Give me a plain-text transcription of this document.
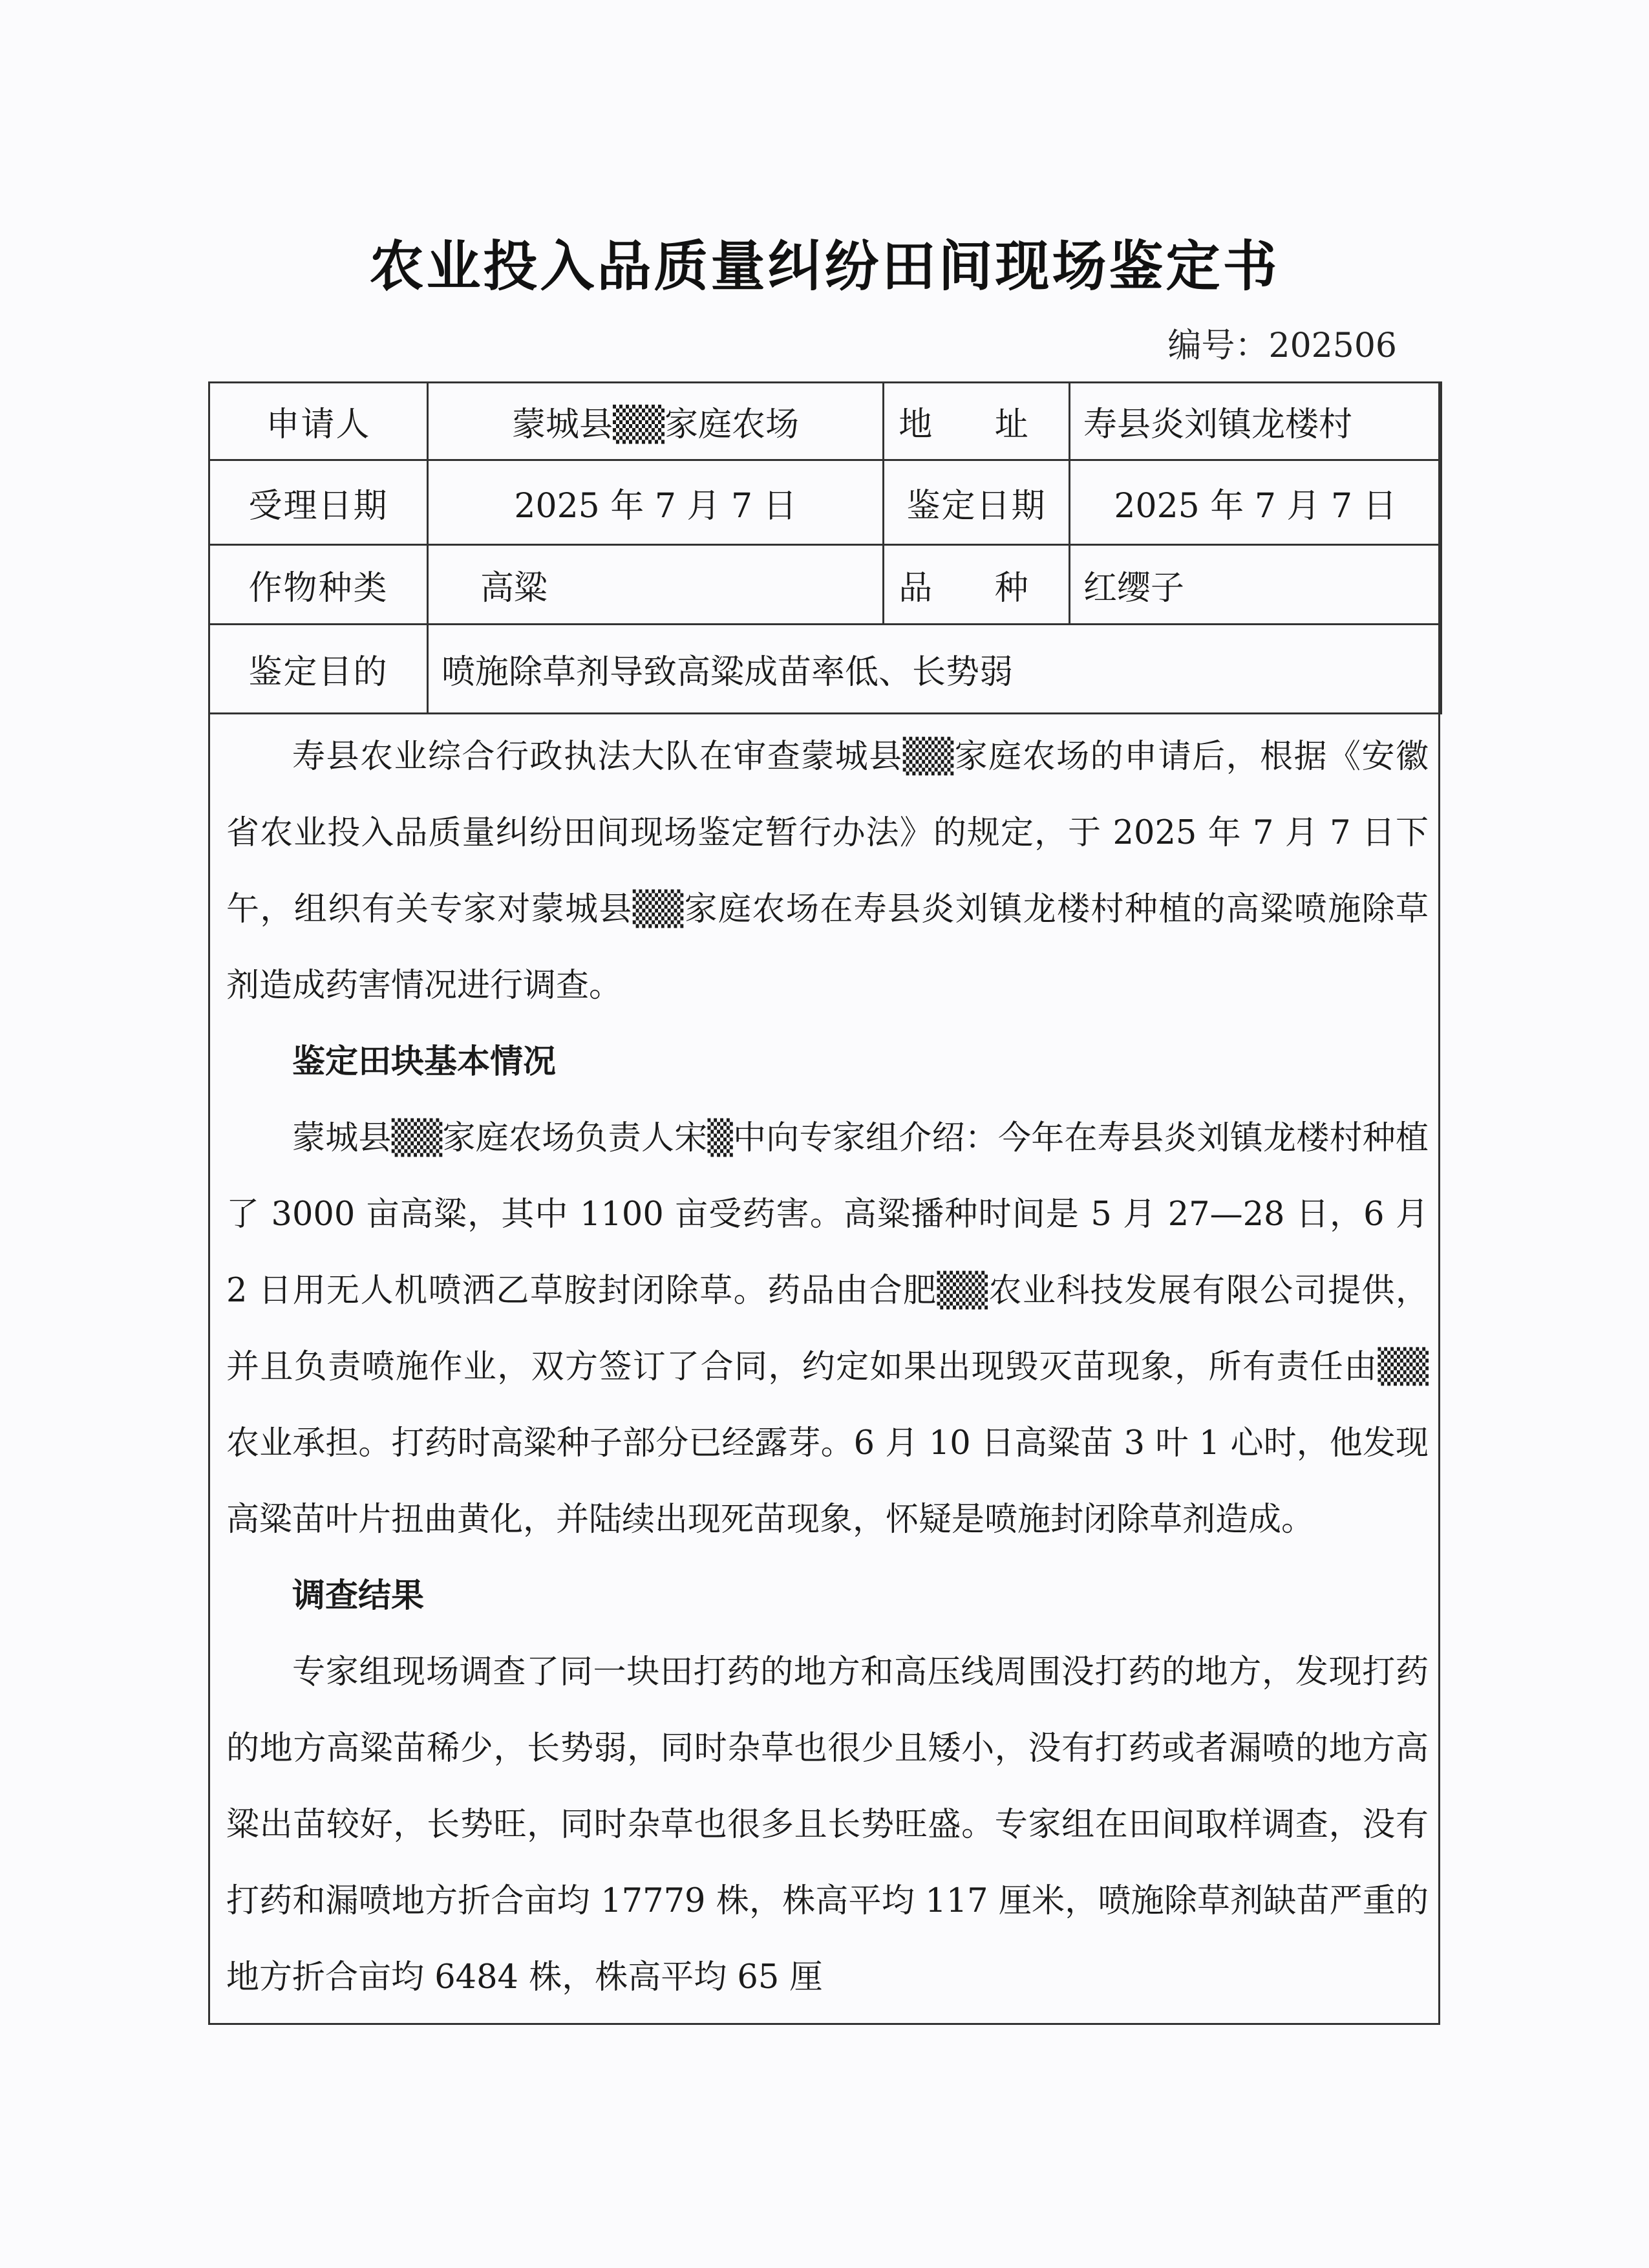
农业投入品质量纠纷田间现场鉴定书
编号：202506
申请人	蒙城县▒▒家庭农场	地 址	寿县炎刘镇龙楼村
受理日期	2025 年 7 月 7 日	鉴定日期	2025 年 7 月 7 日
作物种类	高粱	品 种	红缨子
鉴定目的	喷施除草剂导致高粱成苗率低、长势弱		

寿县农业综合行政执法大队在审查蒙城县▒▒家庭农场的申请后，根据《安徽省农业投入品质量纠纷田间现场鉴定暂行办法》的规定，于 2025 年 7 月 7 日下午，组织有关专家对蒙城县▒▒家庭农场在寿县炎刘镇龙楼村种植的高粱喷施除草剂造成药害情况进行调查。

鉴定田块基本情况

蒙城县▒▒家庭农场负责人宋▒中向专家组介绍：今年在寿县炎刘镇龙楼村种植了 3000 亩高粱，其中 1100 亩受药害。高粱播种时间是 5 月 27—28 日，6 月 2 日用无人机喷洒乙草胺封闭除草。药品由合肥▒▒农业科技发展有限公司提供，并且负责喷施作业，双方签订了合同，约定如果出现毁灭苗现象，所有责任由▒▒农业承担。打药时高粱种子部分已经露芽。6 月 10 日高粱苗 3 叶 1 心时，他发现高粱苗叶片扭曲黄化，并陆续出现死苗现象，怀疑是喷施封闭除草剂造成。

调查结果

专家组现场调查了同一块田打药的地方和高压线周围没打药的地方，发现打药的地方高粱苗稀少，长势弱，同时杂草也很少且矮小，没有打药或者漏喷的地方高粱出苗较好，长势旺，同时杂草也很多且长势旺盛。专家组在田间取样调查，没有打药和漏喷地方折合亩均 17779 株，株高平均 117 厘米，喷施除草剂缺苗严重的地方折合亩均 6484 株，株高平均 65 厘
